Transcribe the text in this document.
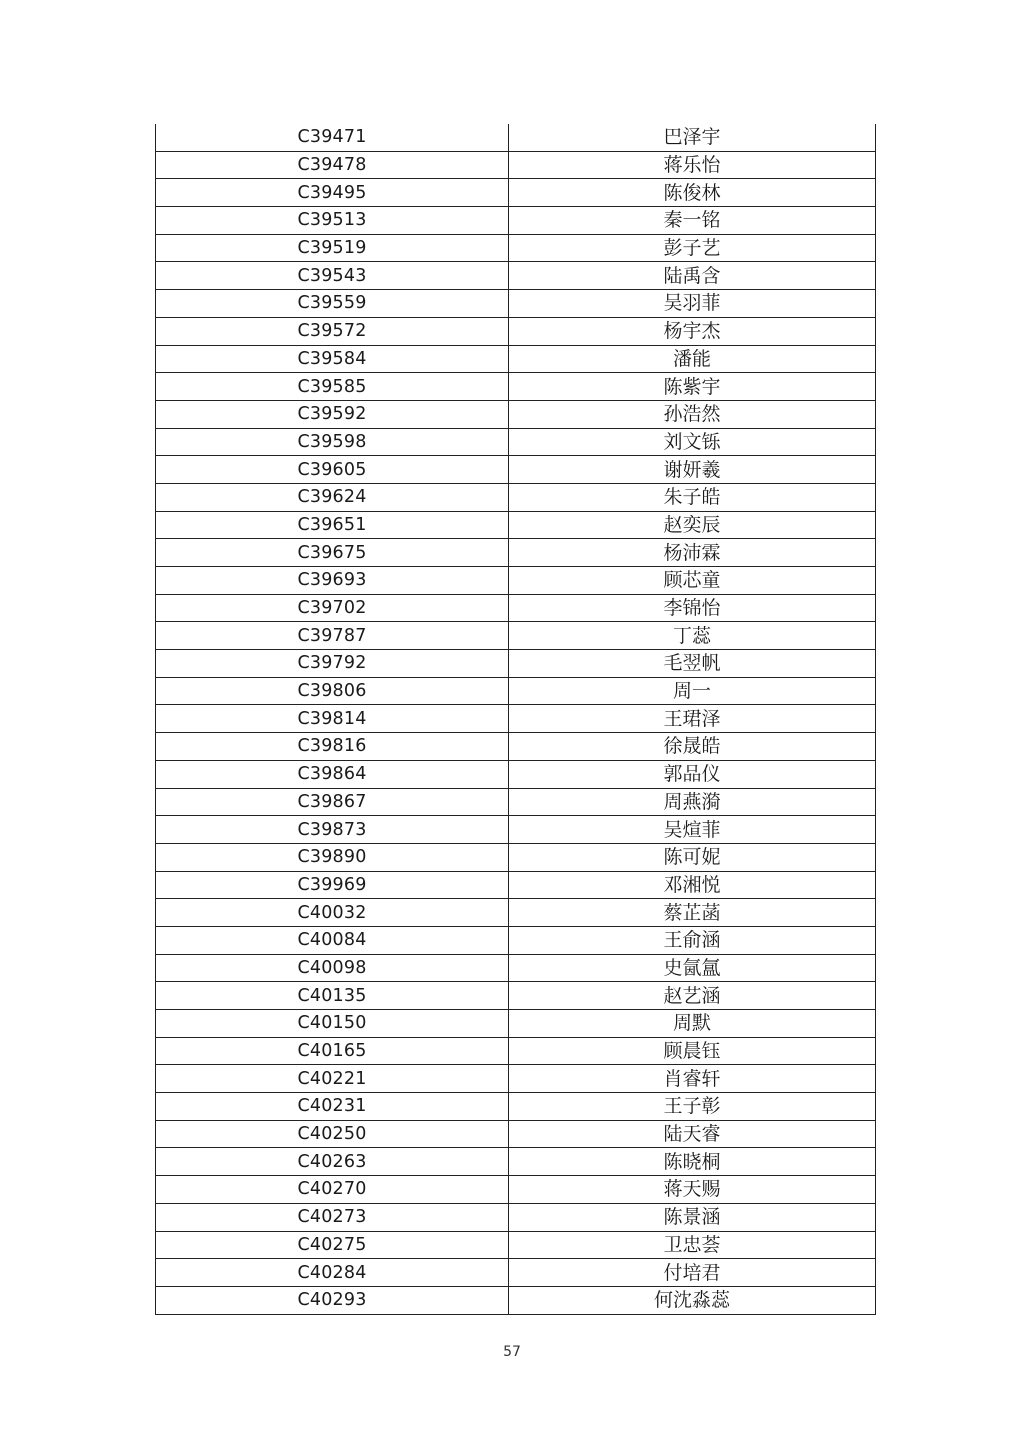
C39471	巴泽宇
C39478	蒋乐怡
C39495	陈俊林
C39513	秦一铭
C39519	彭子艺
C39543	陆禹含
C39559	吴羽菲
C39572	杨宇杰
C39584	潘能
C39585	陈紫宇
C39592	孙浩然
C39598	刘文铄
C39605	谢妍羲
C39624	朱子皓
C39651	赵奕辰
C39675	杨沛霖
C39693	顾芯童
C39702	李锦怡
C39787	丁蕊
C39792	毛翌帆
C39806	周一
C39814	王珺泽
C39816	徐晟皓
C39864	郭品仪
C39867	周燕漪
C39873	吴煊菲
C39890	陈可妮
C39969	邓湘悦
C40032	蔡芷菡
C40084	王俞涵
C40098	史氤氲
C40135	赵艺涵
C40150	周默
C40165	顾晨钰
C40221	肖睿轩
C40231	王子彰
C40250	陆天睿
C40263	陈晓桐
C40270	蒋天赐
C40273	陈景涵
C40275	卫忠荟
C40284	付培君
C40293	何沈淼蕊
57
